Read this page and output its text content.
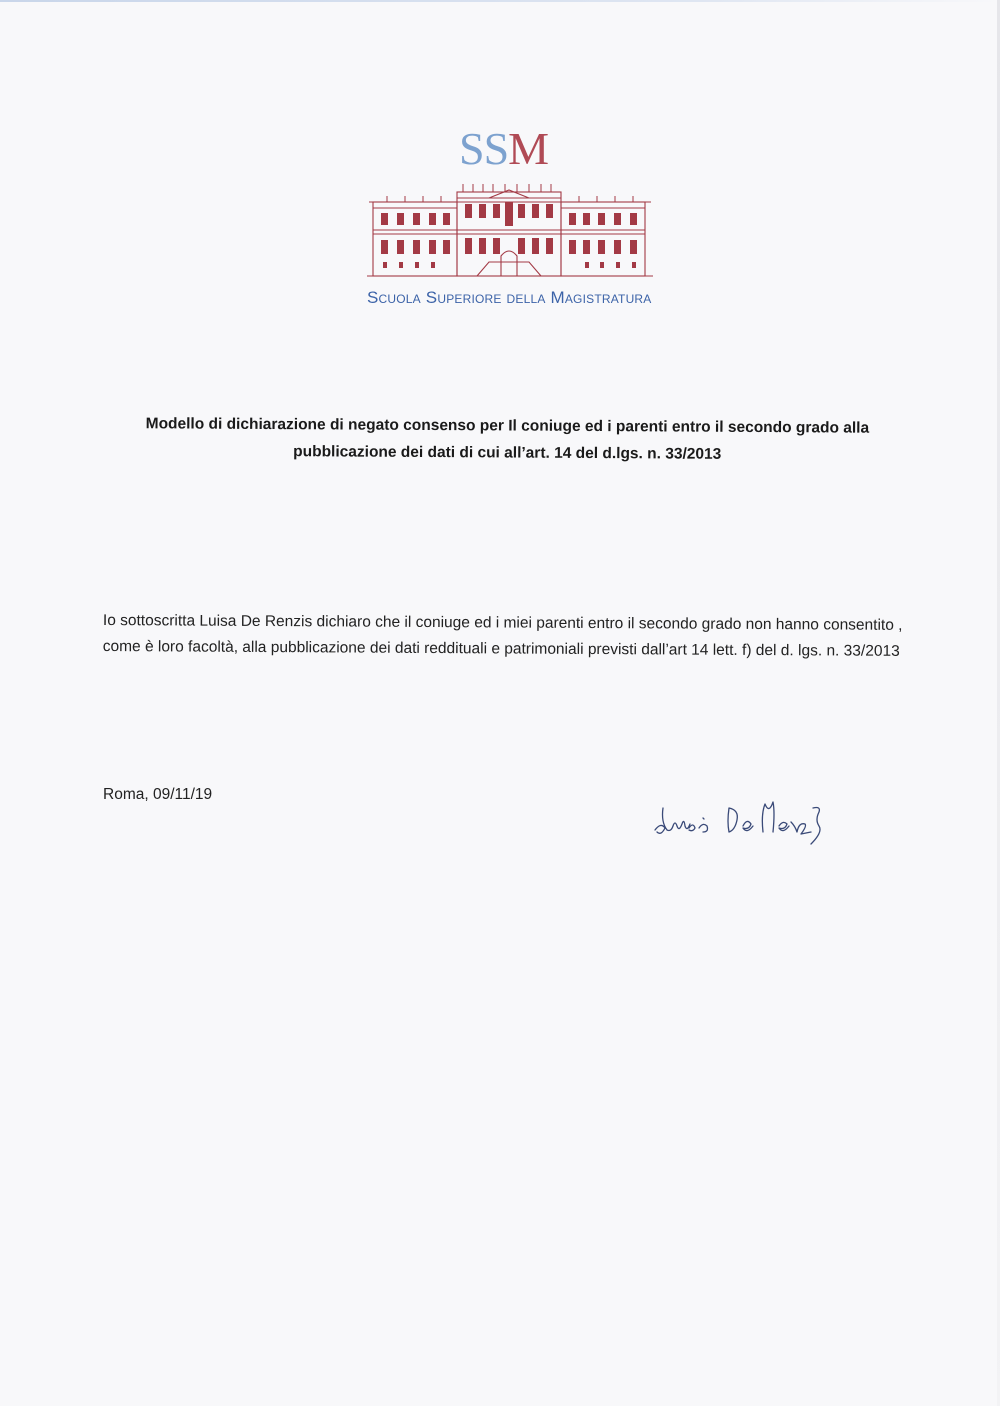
SSM
Scuola Superiore della Magistratura
Modello di dichiarazione di negato consenso per Il coniuge ed i parenti entro il secondo grado alla
pubblicazione dei dati di cui all’art. 14 del d.lgs. n. 33/2013

Io sottoscritta Luisa De Renzis dichiaro che il coniuge ed i miei parenti entro il secondo grado non hanno consentito , come è loro facoltà, alla pubblicazione dei dati reddituali e patrimoniali previsti dall’art 14 lett. f) del d. lgs. n. 33/2013

Roma, 09/11/19
